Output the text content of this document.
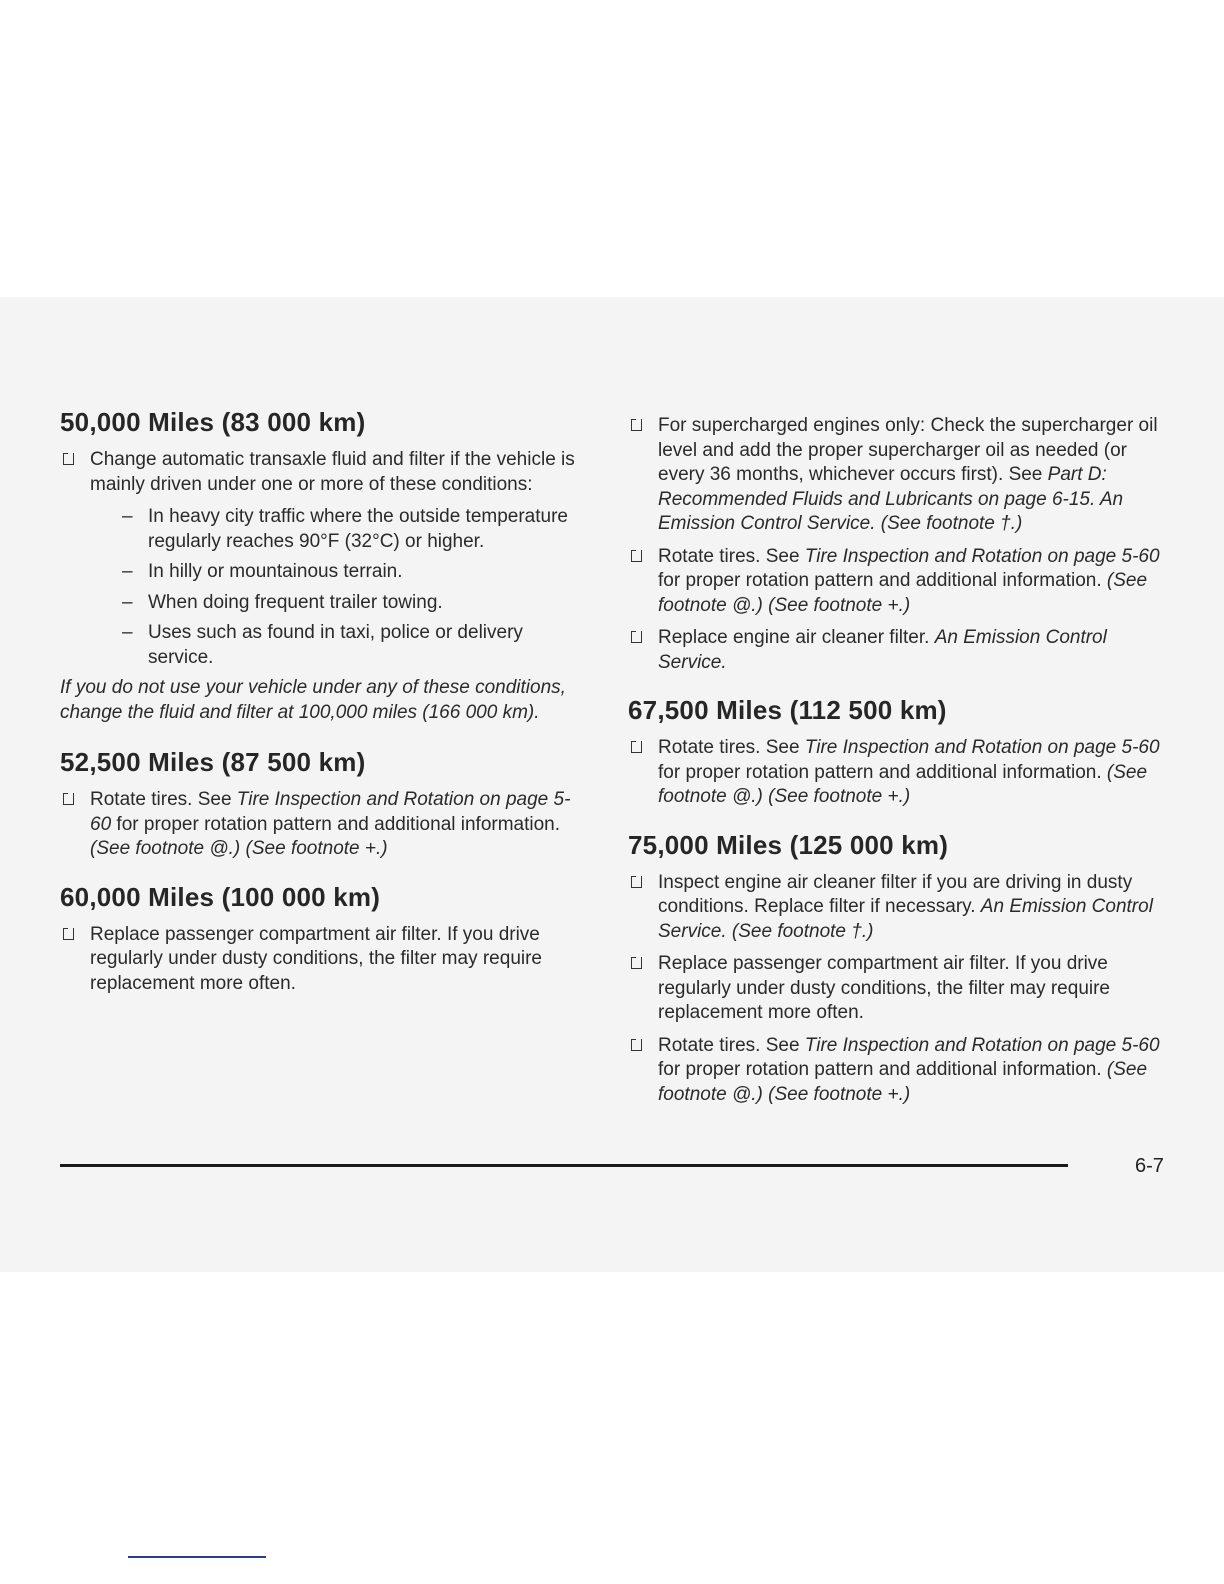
50,000 Miles (83 000 km)
Change automatic transaxle fluid and filter if the vehicle is mainly driven under one or more of these conditions:
– In heavy city traffic where the outside temperature regularly reaches 90°F (32°C) or higher.
– In hilly or mountainous terrain.
– When doing frequent trailer towing.
– Uses such as found in taxi, police or delivery service.

If you do not use your vehicle under any of these conditions, change the fluid and filter at 100,000 miles (166 000 km).

52,500 Miles (87 500 km)
Rotate tires. See Tire Inspection and Rotation on page 5-60 for proper rotation pattern and additional information. (See footnote @.) (See footnote +.)
60,000 Miles (100 000 km)
Replace passenger compartment air filter. If you drive regularly under dusty conditions, the filter may require replacement more often.
For supercharged engines only: Check the supercharger oil level and add the proper supercharger oil as needed (or every 36 months, whichever occurs first). See Part D: Recommended Fluids and Lubricants on page 6-15. An Emission Control Service. (See footnote †.)
Rotate tires. See Tire Inspection and Rotation on page 5-60 for proper rotation pattern and additional information. (See footnote @.) (See footnote +.)
Replace engine air cleaner filter. An Emission Control Service.
67,500 Miles (112 500 km)
Rotate tires. See Tire Inspection and Rotation on page 5-60 for proper rotation pattern and additional information. (See footnote @.) (See footnote +.)
75,000 Miles (125 000 km)
Inspect engine air cleaner filter if you are driving in dusty conditions. Replace filter if necessary. An Emission Control Service. (See footnote †.)
Replace passenger compartment air filter. If you drive regularly under dusty conditions, the filter may require replacement more often.
Rotate tires. See Tire Inspection and Rotation on page 5-60 for proper rotation pattern and additional information. (See footnote @.) (See footnote +.)
6-7
